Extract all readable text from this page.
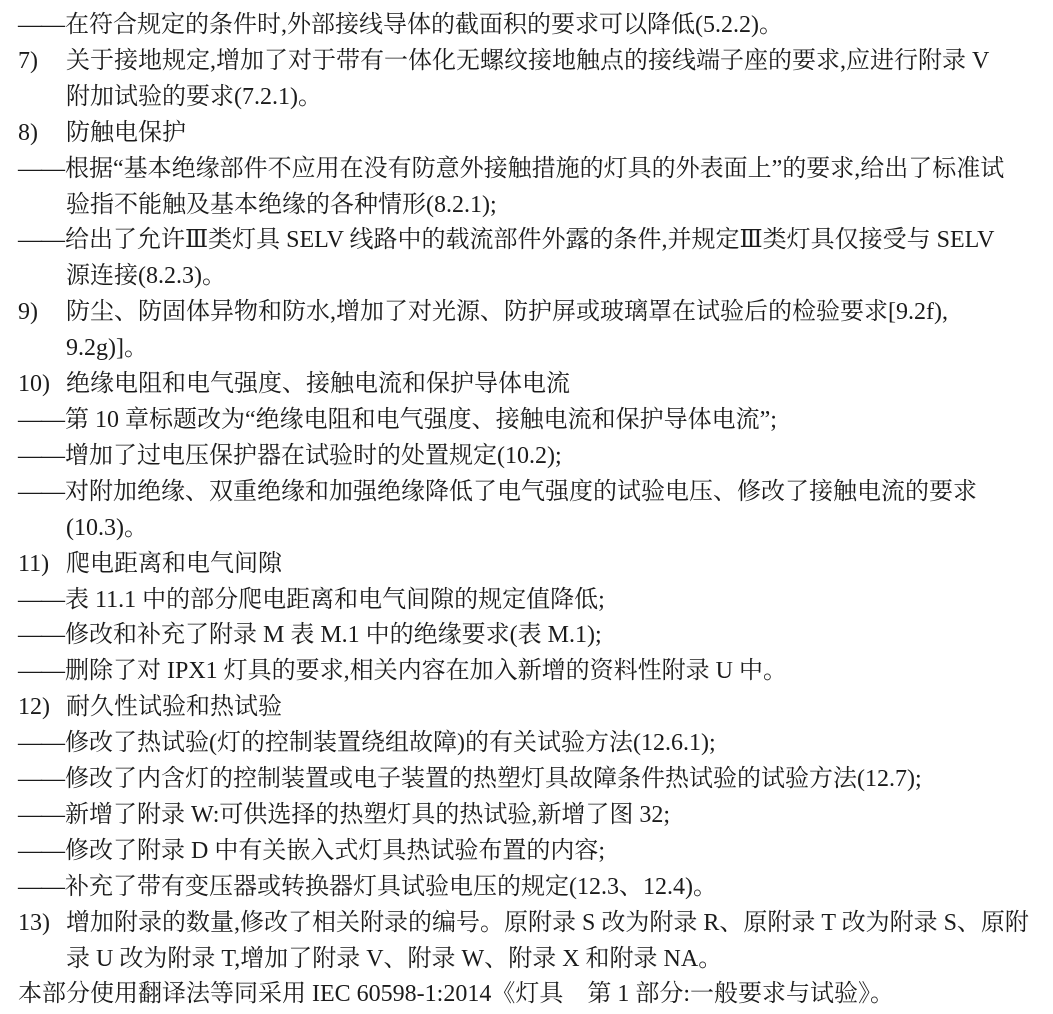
—— 在符合规定的条件时,外部接线导体的截面积的要求可以降低(5.2.2)。
7)	关于接地规定,增加了对于带有一体化无螺纹接地触点的接线端子座的要求,应进行附录 V
附加试验的要求(7.2.1)。
8)	防触电保护
—— 根据“基本绝缘部件不应用在没有防意外接触措施的灯具的外表面上”的要求,给出了标准试
验指不能触及基本绝缘的各种情形(8.2.1);
—— 给出了允许Ⅲ类灯具 SELV 线路中的载流部件外露的条件,并规定Ⅲ类灯具仅接受与 SELV
源连接(8.2.3)。
9)	防尘、防固体异物和防水,增加了对光源、防护屏或玻璃罩在试验后的检验要求[9.2f),
9.2g)]。
10) 绝缘电阻和电气强度、接触电流和保护导体电流
—— 第 10 章标题改为“绝缘电阻和电气强度、接触电流和保护导体电流”;
—— 增加了过电压保护器在试验时的处置规定(10.2);
—— 对附加绝缘、双重绝缘和加强绝缘降低了电气强度的试验电压、修改了接触电流的要求
(10.3)。
11) 爬电距离和电气间隙
—— 表 11.1 中的部分爬电距离和电气间隙的规定值降低;
—— 修改和补充了附录 M 表 M.1 中的绝缘要求(表 M.1);
—— 删除了对 IPX1 灯具的要求,相关内容在加入新增的资料性附录 U 中。
12) 耐久性试验和热试验
—— 修改了热试验(灯的控制装置绕组故障)的有关试验方法(12.6.1);
—— 修改了内含灯的控制装置或电子装置的热塑灯具故障条件热试验的试验方法(12.7);
—— 新增了附录 W:可供选择的热塑灯具的热试验,新增了图 32;
—— 修改了附录 D 中有关嵌入式灯具热试验布置的内容;
—— 补充了带有变压器或转换器灯具试验电压的规定(12.3、12.4)。
13) 增加附录的数量,修改了相关附录的编号。原附录 S 改为附录 R、原附录 T 改为附录 S、原附
录 U 改为附录 T,增加了附录 V、附录 W、附录 X 和附录 NA。
本部分使用翻译法等同采用 IEC 60598-1:2014《灯具　第 1 部分:一般要求与试验》。
